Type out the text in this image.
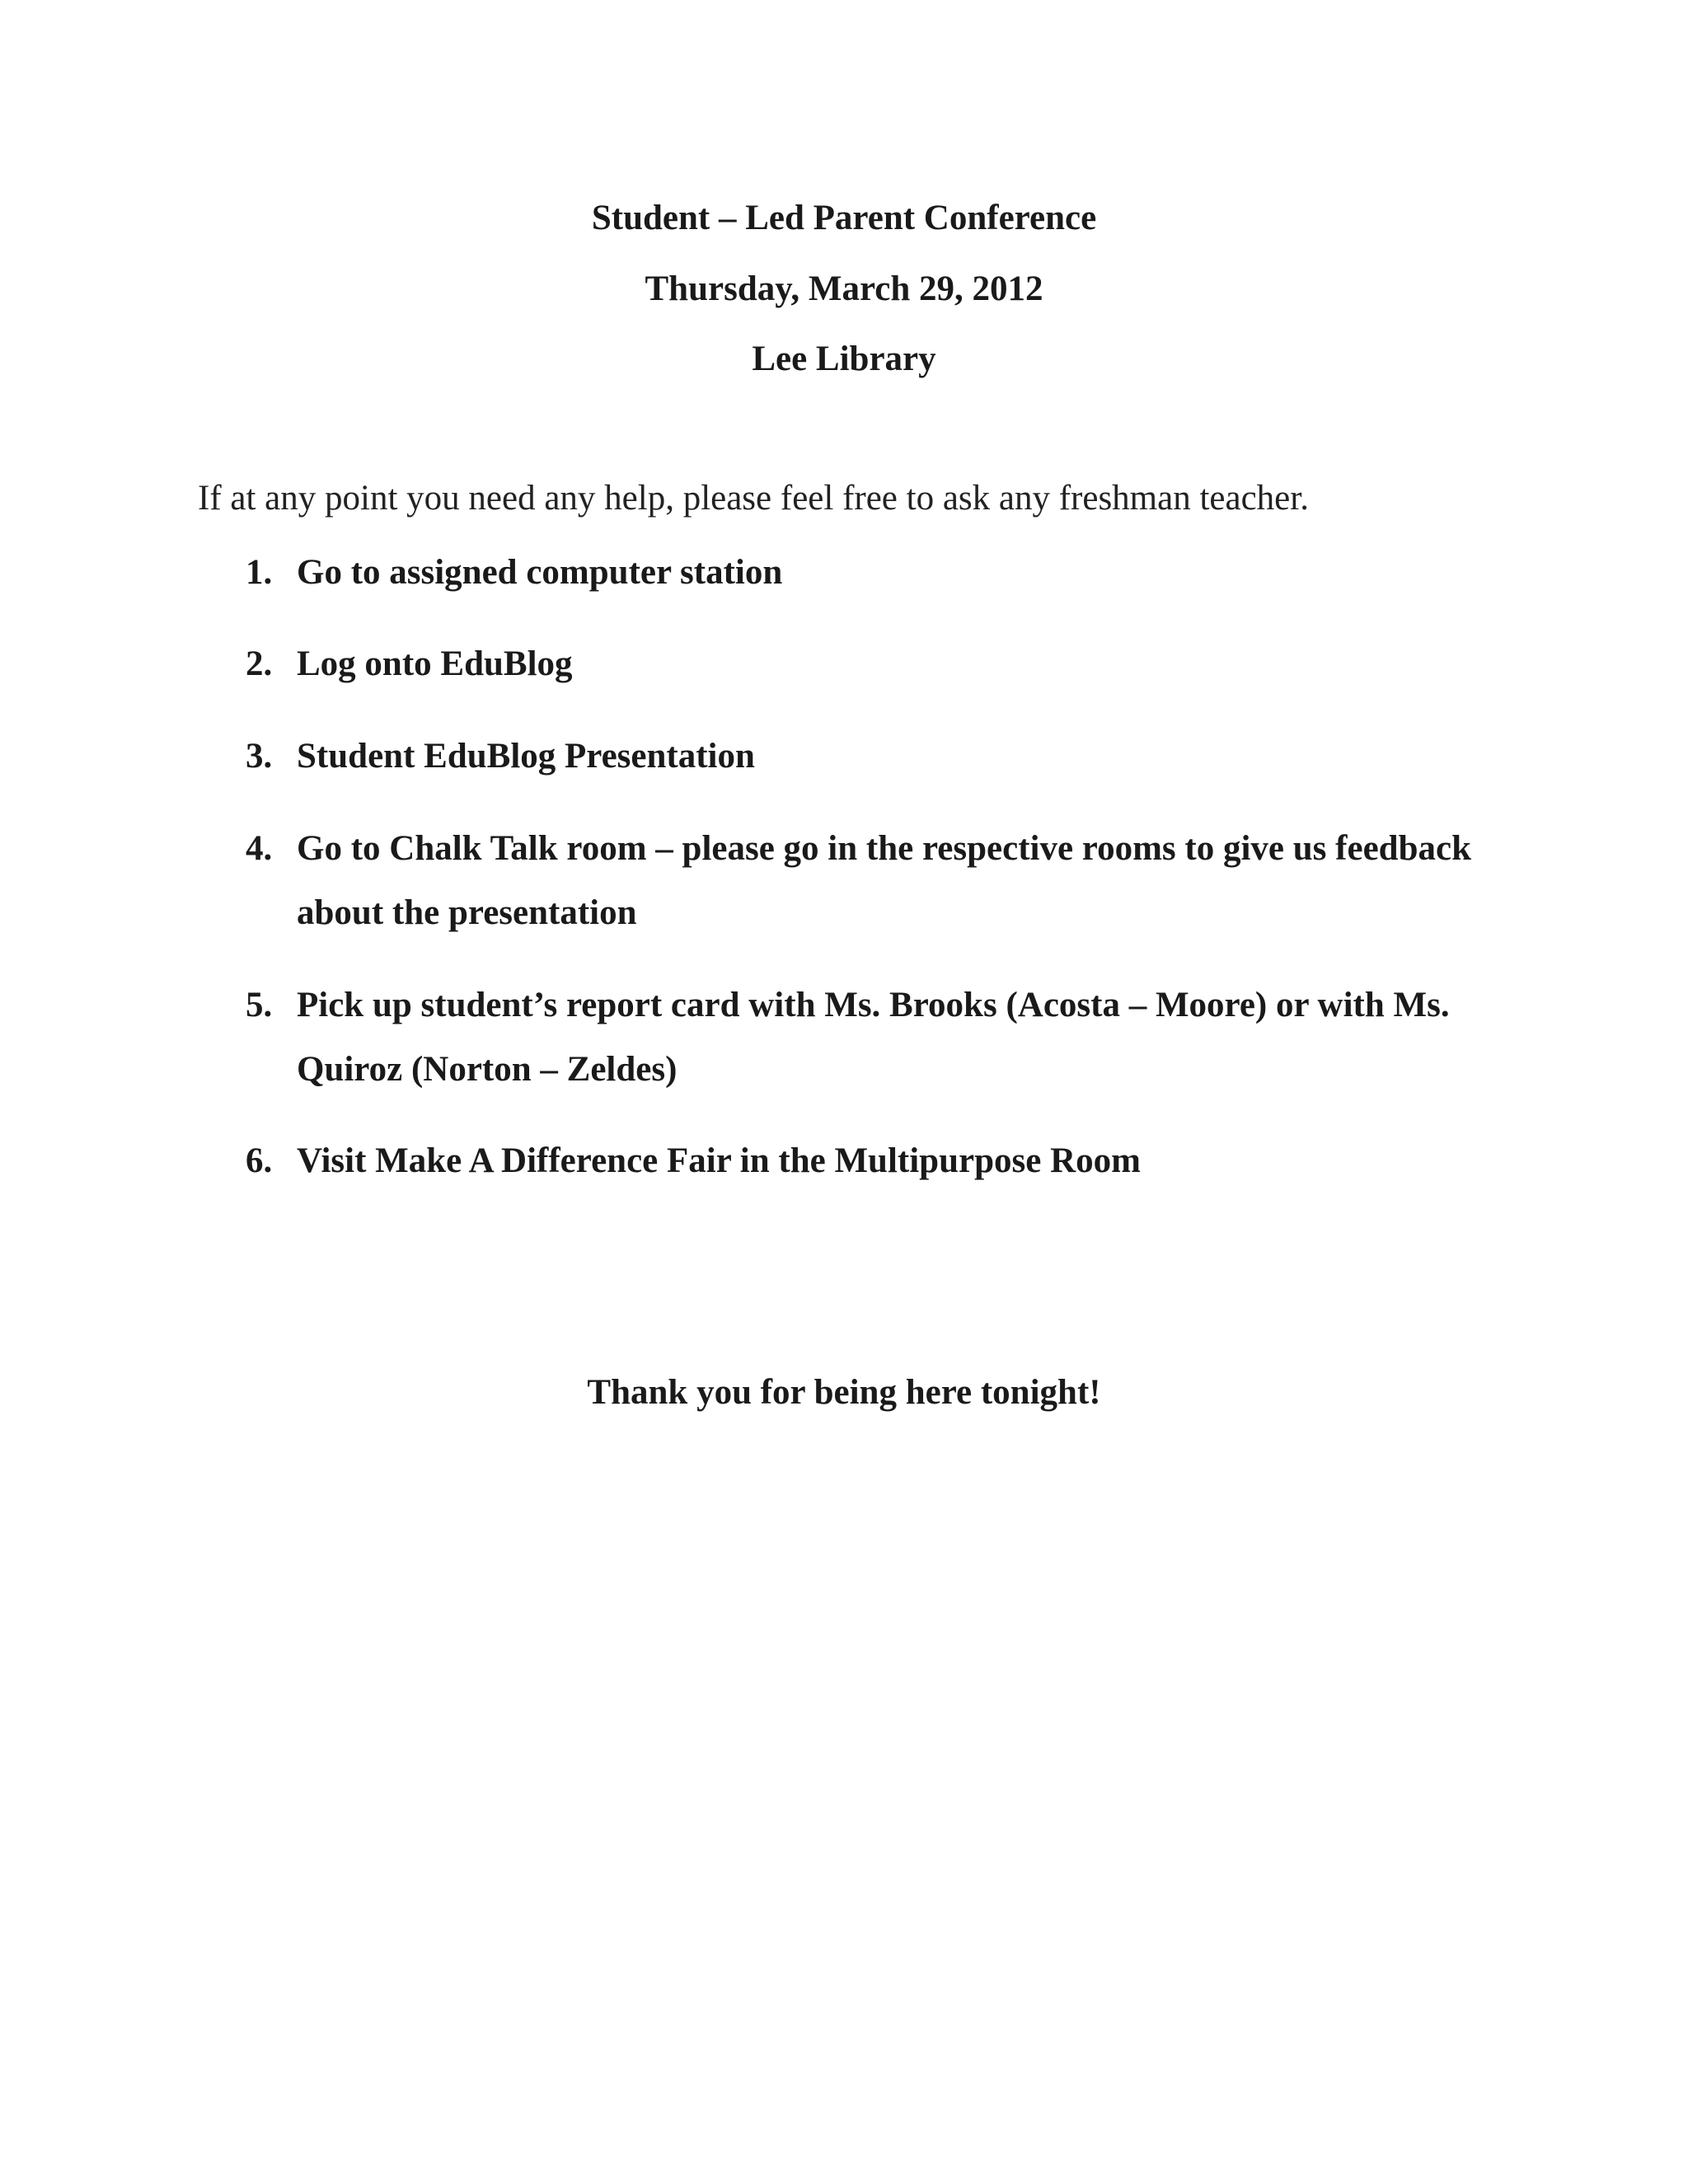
Student – Led Parent Conference
Thursday, March 29, 2012
Lee Library
If at any point you need any help, please feel free to ask any freshman teacher.
1. Go to assigned computer station
2. Log onto EduBlog
3. Student EduBlog Presentation
4. Go to Chalk Talk room – please go in the respective rooms to give us feedback about the presentation
5. Pick up student’s report card with Ms. Brooks (Acosta – Moore) or with Ms. Quiroz (Norton – Zeldes)
6. Visit Make A Difference Fair in the Multipurpose Room
Thank you for being here tonight!
